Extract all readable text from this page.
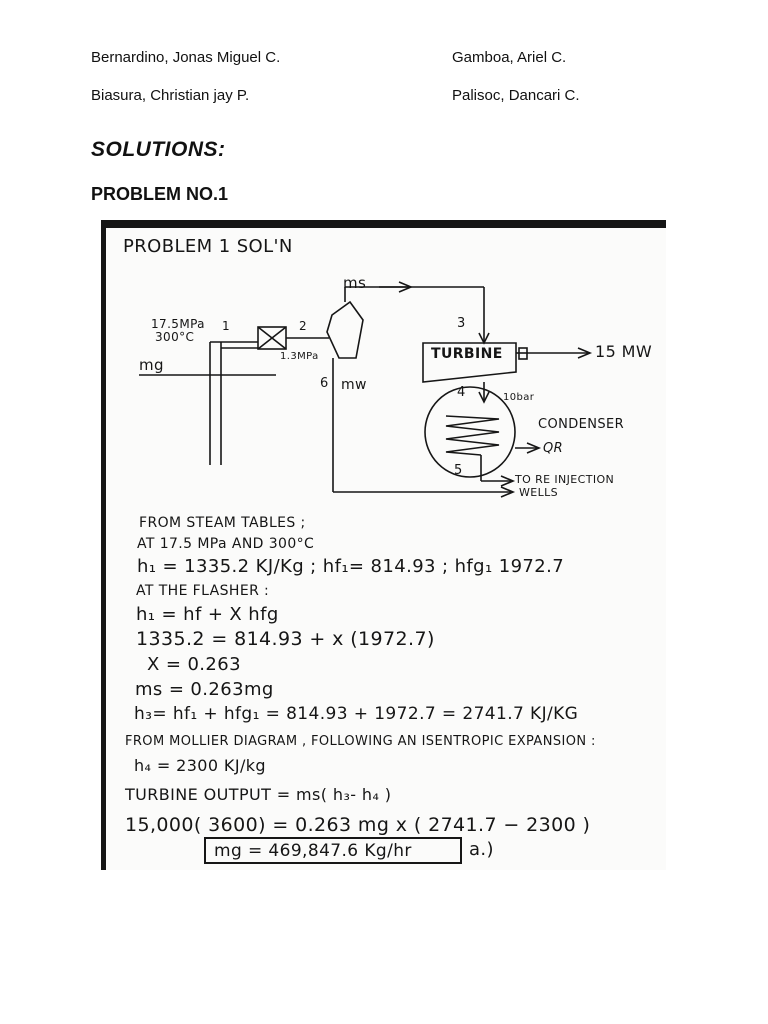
Bernardino, Jonas Miguel C.	Gamboa, Ariel C.
Biasura, Christian jay P.	Palisoc, Dancari C.
SOLUTIONS:
PROBLEM NO.1
PROBLEM 1 SOL'N
17.5MPa
300°C
1
mg
2
1.3MPa
6 mw
ms
3
TURBINE	15 MW
4	10bar
CONDENSER
QR
5
TO RE INJECTION
WELLS
FROM STEAM TABLES ;
AT 17.5 MPa AND 300°C
h₁ = 1335.2 KJ/Kg ; hf₁= 814.93 ; hfg₁ 1972.7
AT THE FLASHER :
h₁ = hf + X hfg
1335.2 = 814.93 + x (1972.7)
X = 0.263
ms = 0.263mg
h₃= hf₁ + hfg₁ = 814.93 + 1972.7 = 2741.7 KJ/KG
FROM MOLLIER DIAGRAM , FOLLOWING AN ISENTROPIC EXPANSION :
h₄ = 2300 KJ/kg
TURBINE OUTPUT = ms( h₃- h₄ )
15,000( 3600) = 0.263 mg x ( 2741.7 − 2300 )
mg = 469,847.6 Kg/hr	a.)
